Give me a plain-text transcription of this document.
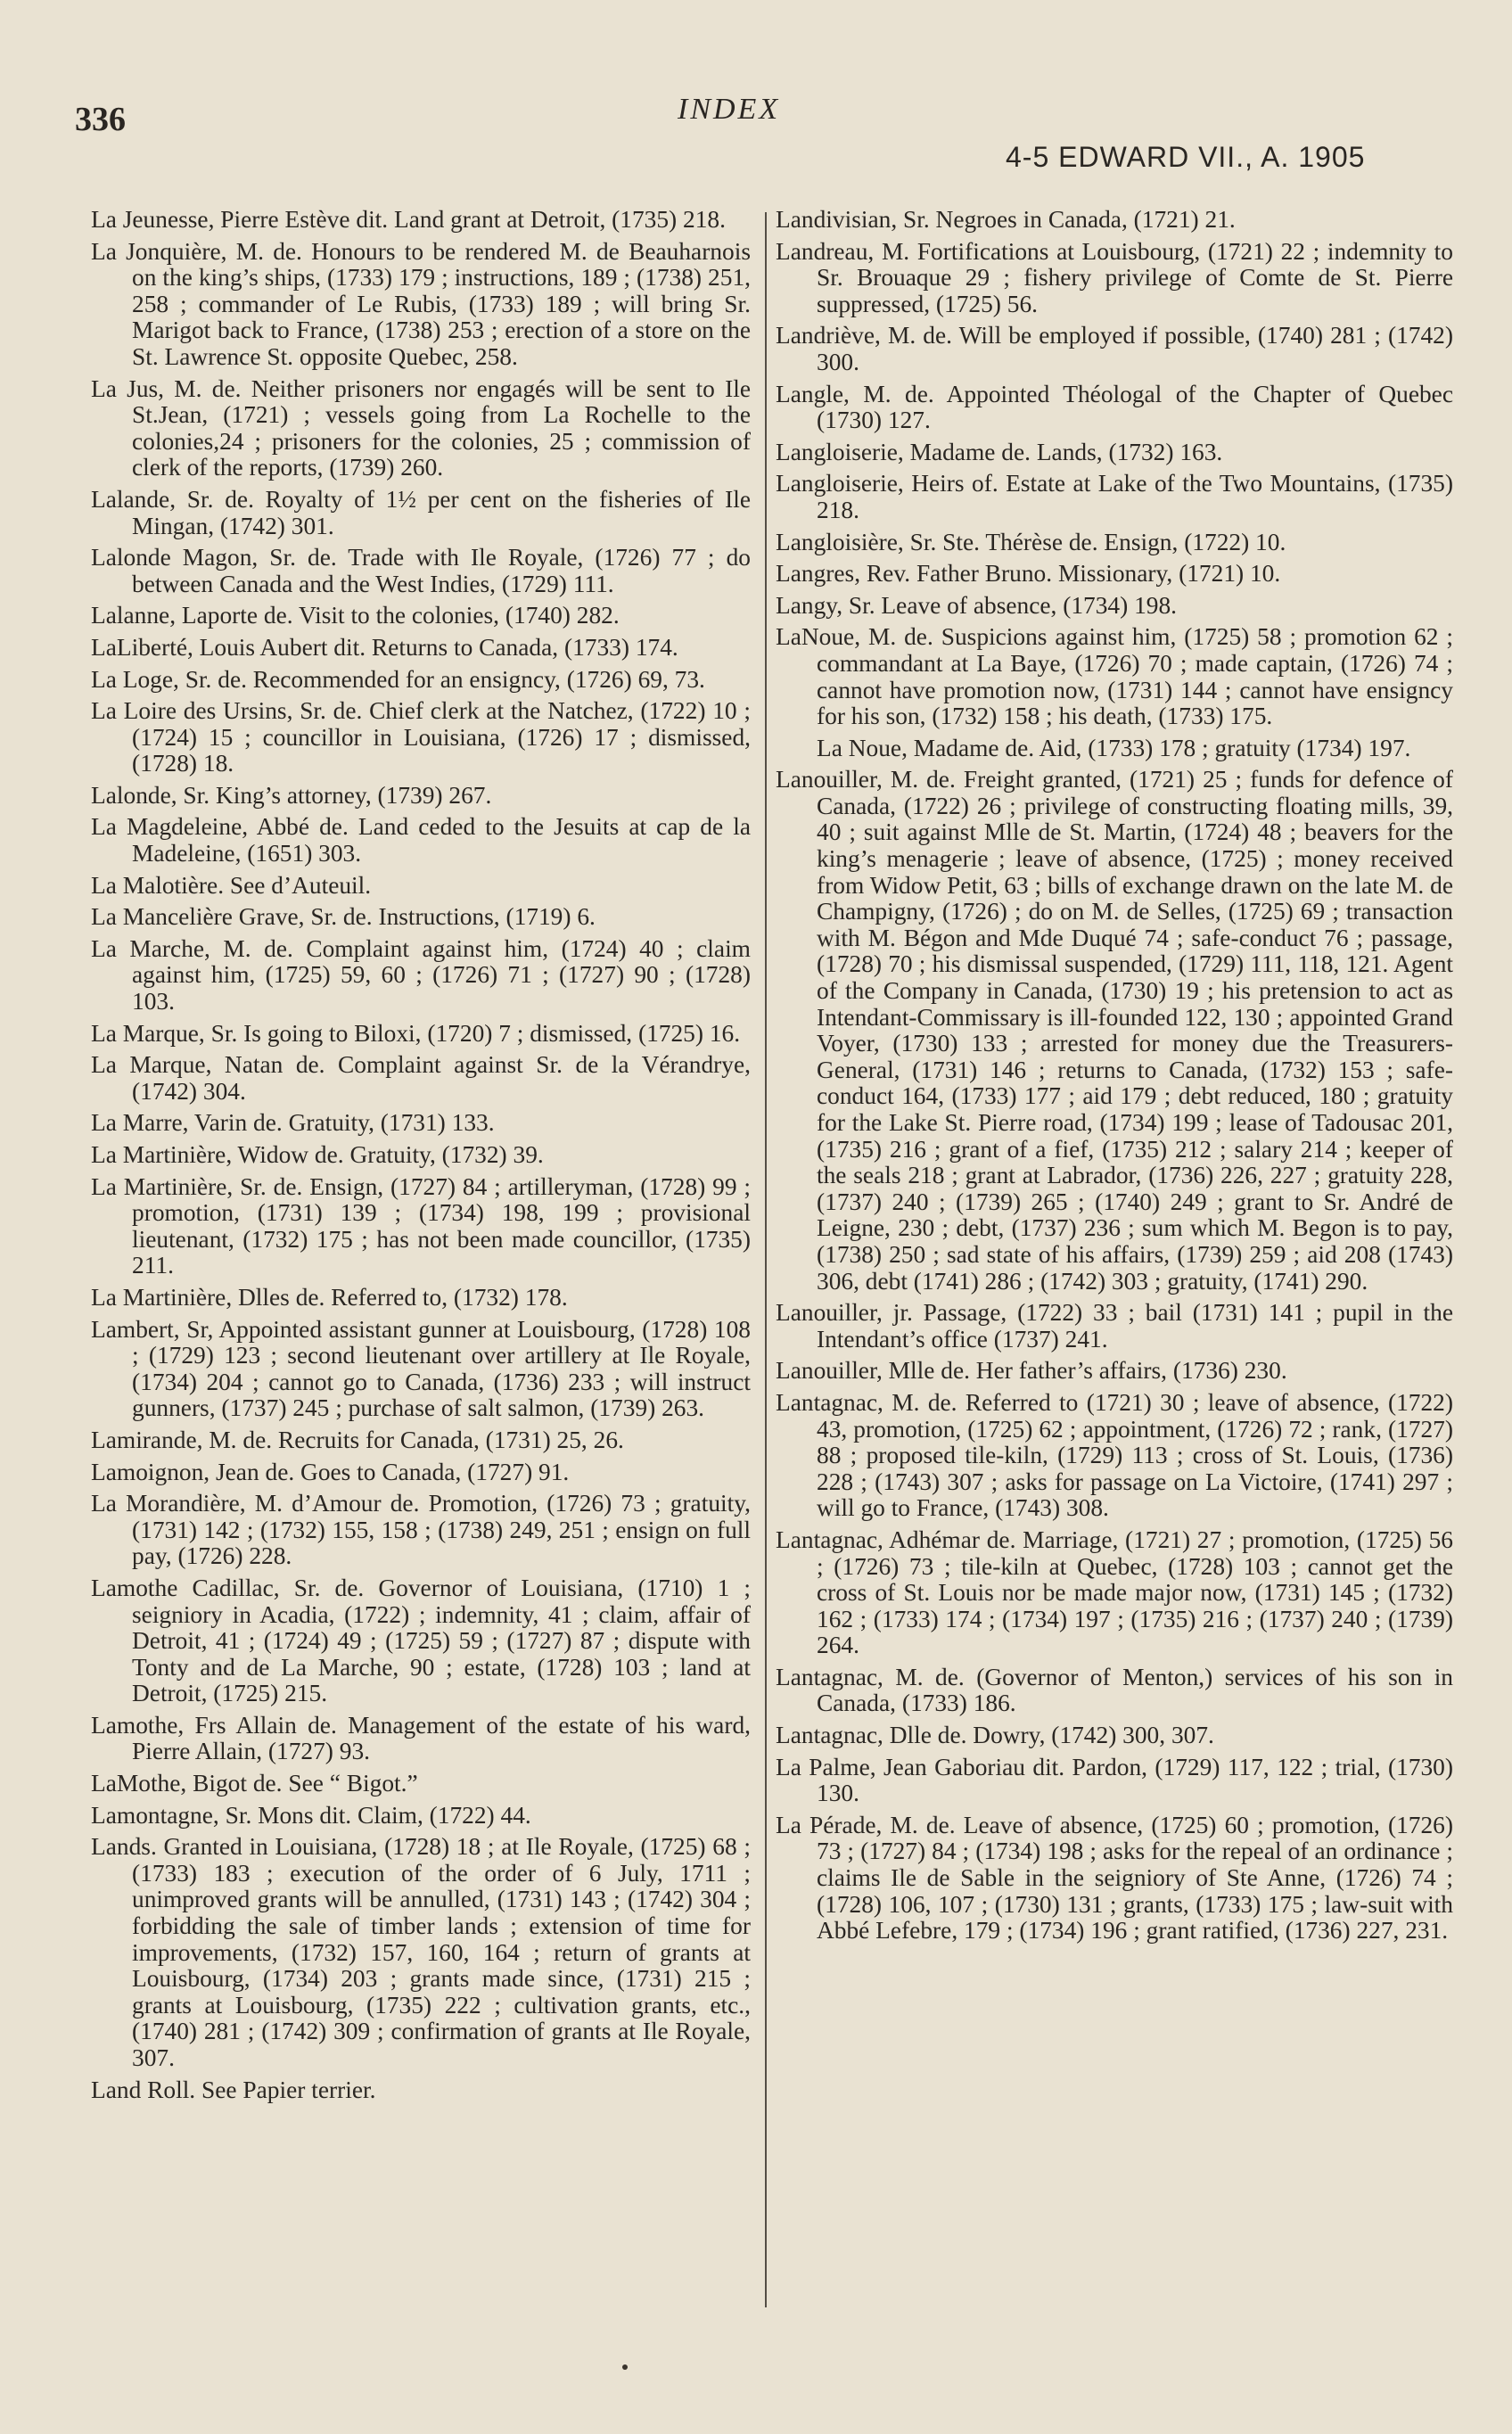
336	INDEX
4-5 EDWARD VII., A. 1905

La Jeunesse, Pierre Estève dit. Land grant at Detroit, (1735) 218.

La Jonquière, M. de. Honours to be rendered M. de Beauharnois on the king’s ships, (1733) 179 ; instructions, 189 ; (1738) 251, 258 ; commander of Le Rubis, (1733) 189 ; will bring Sr. Marigot back to France, (1738) 253 ; erection of a store on the St. Lawrence St. opposite Quebec, 258.

La Jus, M. de. Neither prisoners nor engagés will be sent to Ile St.Jean, (1721) ; vessels going from La Rochelle to the colonies,24 ; prisoners for the colonies, 25 ; commission of clerk of the reports, (1739) 260.

Lalande, Sr. de. Royalty of 1½ per cent on the fisheries of Ile Mingan, (1742) 301.

Lalonde Magon, Sr. de. Trade with Ile Royale, (1726) 77 ; do between Canada and the West Indies, (1729) 111.

Lalanne, Laporte de. Visit to the colonies, (1740) 282.

LaLiberté, Louis Aubert dit. Returns to Canada, (1733) 174.

La Loge, Sr. de. Recommended for an ensigncy, (1726) 69, 73.

La Loire des Ursins, Sr. de. Chief clerk at the Natchez, (1722) 10 ; (1724) 15 ; councillor in Louisiana, (1726) 17 ; dismissed, (1728) 18.

Lalonde, Sr. King’s attorney, (1739) 267.

La Magdeleine, Abbé de. Land ceded to the Jesuits at cap de la Madeleine, (1651) 303.

La Malotière. See d’Auteuil.

La Mancelière Grave, Sr. de. Instructions, (1719) 6.

La Marche, M. de. Complaint against him, (1724) 40 ; claim against him, (1725) 59, 60 ; (1726) 71 ; (1727) 90 ; (1728) 103.

La Marque, Sr. Is going to Biloxi, (1720) 7 ; dismissed, (1725) 16.

La Marque, Natan de. Complaint against Sr. de la Vérandrye, (1742) 304.

La Marre, Varin de. Gratuity, (1731) 133.

La Martinière, Widow de. Gratuity, (1732) 39.

La Martinière, Sr. de. Ensign, (1727) 84 ; artilleryman, (1728) 99 ; promotion, (1731) 139 ; (1734) 198, 199 ; provisional lieutenant, (1732) 175 ; has not been made councillor, (1735) 211.

La Martinière, Dlles de. Referred to, (1732) 178.

Lambert, Sr, Appointed assistant gunner at Louisbourg, (1728) 108 ; (1729) 123 ; second lieutenant over artillery at Ile Royale, (1734) 204 ; cannot go to Canada, (1736) 233 ; will instruct gunners, (1737) 245 ; purchase of salt salmon, (1739) 263.

Lamirande, M. de. Recruits for Canada, (1731) 25, 26.

Lamoignon, Jean de. Goes to Canada, (1727) 91.

La Morandière, M. d’Amour de. Promotion, (1726) 73 ; gratuity, (1731) 142 ; (1732) 155, 158 ; (1738) 249, 251 ; ensign on full pay, (1726) 228.

Lamothe Cadillac, Sr. de. Governor of Louisiana, (1710) 1 ; seigniory in Acadia, (1722) ; indemnity, 41 ; claim, affair of Detroit, 41 ; (1724) 49 ; (1725) 59 ; (1727) 87 ; dispute with Tonty and de La Marche, 90 ; estate, (1728) 103 ; land at Detroit, (1725) 215.

Lamothe, Frs Allain de. Management of the estate of his ward, Pierre Allain, (1727) 93.

LaMothe, Bigot de. See “ Bigot.”

Lamontagne, Sr. Mons dit. Claim, (1722) 44.

Lands. Granted in Louisiana, (1728) 18 ; at Ile Royale, (1725) 68 ; (1733) 183 ; execution of the order of 6 July, 1711 ; unimproved grants will be annulled, (1731) 143 ; (1742) 304 ; forbidding the sale of timber lands ; extension of time for improvements, (1732) 157, 160, 164 ; return of grants at Louisbourg, (1734) 203 ; grants made since, (1731) 215 ; grants at Louisbourg, (1735) 222 ; cultivation grants, etc., (1740) 281 ; (1742) 309 ; confirmation of grants at Ile Royale, 307.

Land Roll. See Papier terrier.

Landivisian, Sr. Negroes in Canada, (1721) 21.

Landreau, M. Fortifications at Louisbourg, (1721) 22 ; indemnity to Sr. Brouaque 29 ; fishery privilege of Comte de St. Pierre suppressed, (1725) 56.

Landriève, M. de. Will be employed if possible, (1740) 281 ; (1742) 300.

Langle, M. de. Appointed Théologal of the Chapter of Quebec (1730) 127.

Langloiserie, Madame de. Lands, (1732) 163.

Langloiserie, Heirs of. Estate at Lake of the Two Mountains, (1735) 218.

Langloisière, Sr. Ste. Thérèse de. Ensign, (1722) 10.

Langres, Rev. Father Bruno. Missionary, (1721) 10.

Langy, Sr. Leave of absence, (1734) 198.

LaNoue, M. de. Suspicions against him, (1725) 58 ; promotion 62 ; commandant at La Baye, (1726) 70 ; made captain, (1726) 74 ; cannot have promotion now, (1731) 144 ; cannot have ensigncy for his son, (1732) 158 ; his death, (1733) 175.

La Noue, Madame de. Aid, (1733) 178 ; gratuity (1734) 197.

Lanouiller, M. de. Freight granted, (1721) 25 ; funds for defence of Canada, (1722) 26 ; privilege of constructing floating mills, 39, 40 ; suit against Mlle de St. Martin, (1724) 48 ; beavers for the king’s menagerie ; leave of absence, (1725) ; money received from Widow Petit, 63 ; bills of exchange drawn on the late M. de Champigny, (1726) ; do on M. de Selles, (1725) 69 ; transaction with M. Bégon and Mde Duqué 74 ; safe-conduct 76 ; passage, (1728) 70 ; his dismissal suspended, (1729) 111, 118, 121. Agent of the Company in Canada, (1730) 19 ; his pretension to act as Intendant-Commissary is ill-founded 122, 130 ; appointed Grand Voyer, (1730) 133 ; arrested for money due the Treasurers-General, (1731) 146 ; returns to Canada, (1732) 153 ; safe-conduct 164, (1733) 177 ; aid 179 ; debt reduced, 180 ; gratuity for the Lake St. Pierre road, (1734) 199 ; lease of Tadousac 201, (1735) 216 ; grant of a fief, (1735) 212 ; salary 214 ; keeper of the seals 218 ; grant at Labrador, (1736) 226, 227 ; gratuity 228, (1737) 240 ; (1739) 265 ; (1740) 249 ; grant to Sr. André de Leigne, 230 ; debt, (1737) 236 ; sum which M. Begon is to pay, (1738) 250 ; sad state of his affairs, (1739) 259 ; aid 208 (1743) 306, debt (1741) 286 ; (1742) 303 ; gratuity, (1741) 290.

Lanouiller, jr. Passage, (1722) 33 ; bail (1731) 141 ; pupil in the Intendant’s office (1737) 241.

Lanouiller, Mlle de. Her father’s affairs, (1736) 230.

Lantagnac, M. de. Referred to (1721) 30 ; leave of absence, (1722) 43, promotion, (1725) 62 ; appointment, (1726) 72 ; rank, (1727) 88 ; proposed tile-kiln, (1729) 113 ; cross of St. Louis, (1736) 228 ; (1743) 307 ; asks for passage on La Victoire, (1741) 297 ; will go to France, (1743) 308.

Lantagnac, Adhémar de. Marriage, (1721) 27 ; promotion, (1725) 56 ; (1726) 73 ; tile-kiln at Quebec, (1728) 103 ; cannot get the cross of St. Louis nor be made major now, (1731) 145 ; (1732) 162 ; (1733) 174 ; (1734) 197 ; (1735) 216 ; (1737) 240 ; (1739) 264.

Lantagnac, M. de. (Governor of Menton,) services of his son in Canada, (1733) 186.

Lantagnac, Dlle de. Dowry, (1742) 300, 307.

La Palme, Jean Gaboriau dit. Pardon, (1729) 117, 122 ; trial, (1730) 130.

La Pérade, M. de. Leave of absence, (1725) 60 ; promotion, (1726) 73 ; (1727) 84 ; (1734) 198 ; asks for the repeal of an ordinance ; claims Ile de Sable in the seigniory of Ste Anne, (1726) 74 ; (1728) 106, 107 ; (1730) 131 ; grants, (1733) 175 ; law-suit with Abbé Lefebre, 179 ; (1734) 196 ; grant ratified, (1736) 227, 231.
